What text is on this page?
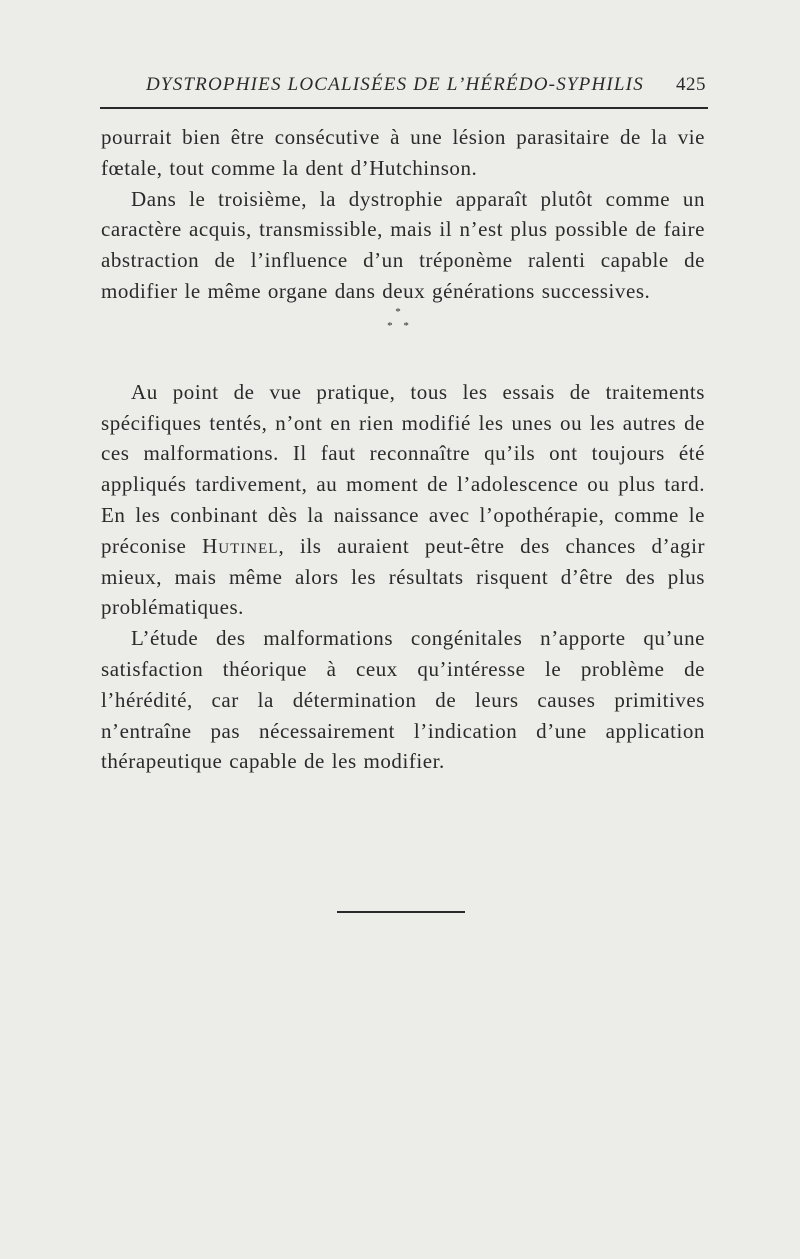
DYSTROPHIES LOCALISÉES DE L’HÉRÉDO-SYPHILIS 425

pourrait bien être consécutive à une lésion parasitaire de la vie fœtale, tout comme la dent d’Hutchinson.

Dans le troisième, la dystrophie apparaît plutôt comme un caractère acquis, transmissible, mais il n’est plus possible de faire abstraction de l’influence d’un tréponème ralenti capable de modifier le même organe dans deux générations successives.

Au point de vue pratique, tous les essais de traitements spécifiques tentés, n’ont en rien modifié les unes ou les autres de ces malformations. Il faut reconnaître qu’ils ont toujours été appliqués tardivement, au moment de l’adolescence ou plus tard. En les conbinant dès la naissance avec l’opothérapie, comme le préconise Hutinel, ils auraient peut-être des chances d’agir mieux, mais même alors les résultats risquent d’être des plus problématiques.

L’étude des malformations congénitales n’apporte qu’une satisfaction théorique à ceux qu’intéresse le problème de l’hérédité, car la détermination de leurs causes primitives n’entraîne pas nécessairement l’indication d’une application thérapeutique capable de les modifier.

*
* *
